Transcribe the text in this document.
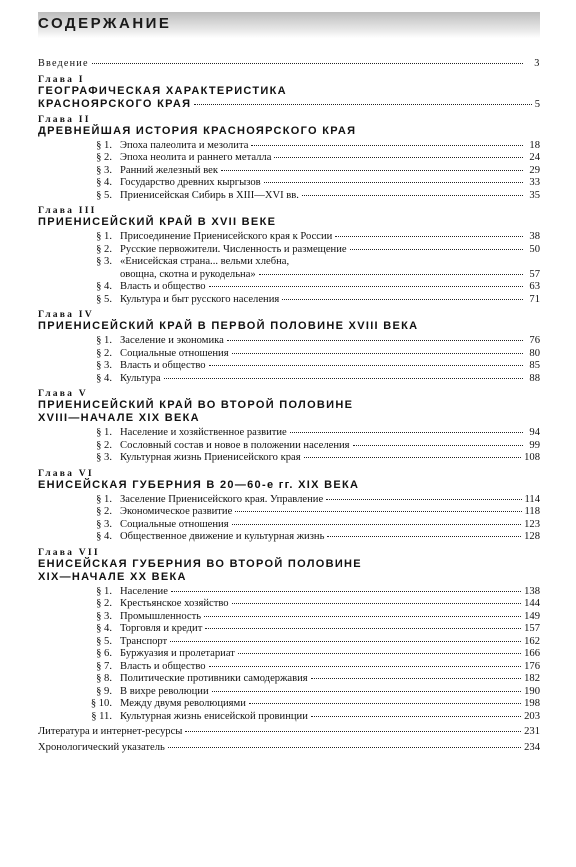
СОДЕРЖАНИЕ
Введение	3
Глава I
ГЕОГРАФИЧЕСКАЯ ХАРАКТЕРИСТИКА
КРАСНОЯРСКОГО КРАЯ	5
Глава II
ДРЕВНЕЙШАЯ ИСТОРИЯ КРАСНОЯРСКОГО КРАЯ
§ 1. Эпоха палеолита и мезолита	18
§ 2. Эпоха неолита и раннего металла	24
§ 3. Ранний железный век	29
§ 4. Государство древних кыргызов	33
§ 5. Приенисейская Сибирь в XIII—XVI вв.	35
Глава III
ПРИЕНИСЕЙСКИЙ КРАЙ В XVII ВЕКЕ
§ 1. Присоединение Приенисейского края к России	38
§ 2. Русские первожители. Численность и размещение	50
§ 3. «Енисейская страна... вельми хлебна,
овощна, скотна и рукодельна»	57
§ 4. Власть и общество	63
§ 5. Культура и быт русского населения	71
Глава IV
ПРИЕНИСЕЙСКИЙ КРАЙ В ПЕРВОЙ ПОЛОВИНЕ XVIII ВЕКА
§ 1. Заселение и экономика	76
§ 2. Социальные отношения	80
§ 3. Власть и общество	85
§ 4. Культура	88
Глава V
ПРИЕНИСЕЙСКИЙ КРАЙ ВО ВТОРОЙ ПОЛОВИНЕ
XVIII—НАЧАЛЕ XIX ВЕКА
§ 1. Население и хозяйственное развитие	94
§ 2. Сословный состав и новое в положении населения	99
§ 3. Культурная жизнь Приенисейского края	108
Глава VI
ЕНИСЕЙСКАЯ ГУБЕРНИЯ В 20—60-е гг. XIX ВЕКА
§ 1. Заселение Приенисейского края. Управление	114
§ 2. Экономическое развитие	118
§ 3. Социальные отношения	123
§ 4. Общественное движение и культурная жизнь	128
Глава VII
ЕНИСЕЙСКАЯ ГУБЕРНИЯ ВО ВТОРОЙ ПОЛОВИНЕ
XIX—НАЧАЛЕ XX ВЕКА
§ 1. Население	138
§ 2. Крестьянское хозяйство	144
§ 3. Промышленность	149
§ 4. Торговля и кредит	157
§ 5. Транспорт	162
§ 6. Буржуазия и пролетариат	166
§ 7. Власть и общество	176
§ 8. Политические противники самодержавия	182
§ 9. В вихре революции	190
§ 10. Между двумя революциями	198
§ 11. Культурная жизнь енисейской провинции	203
Литература и интернет-ресурсы	231
Хронологический указатель	234
